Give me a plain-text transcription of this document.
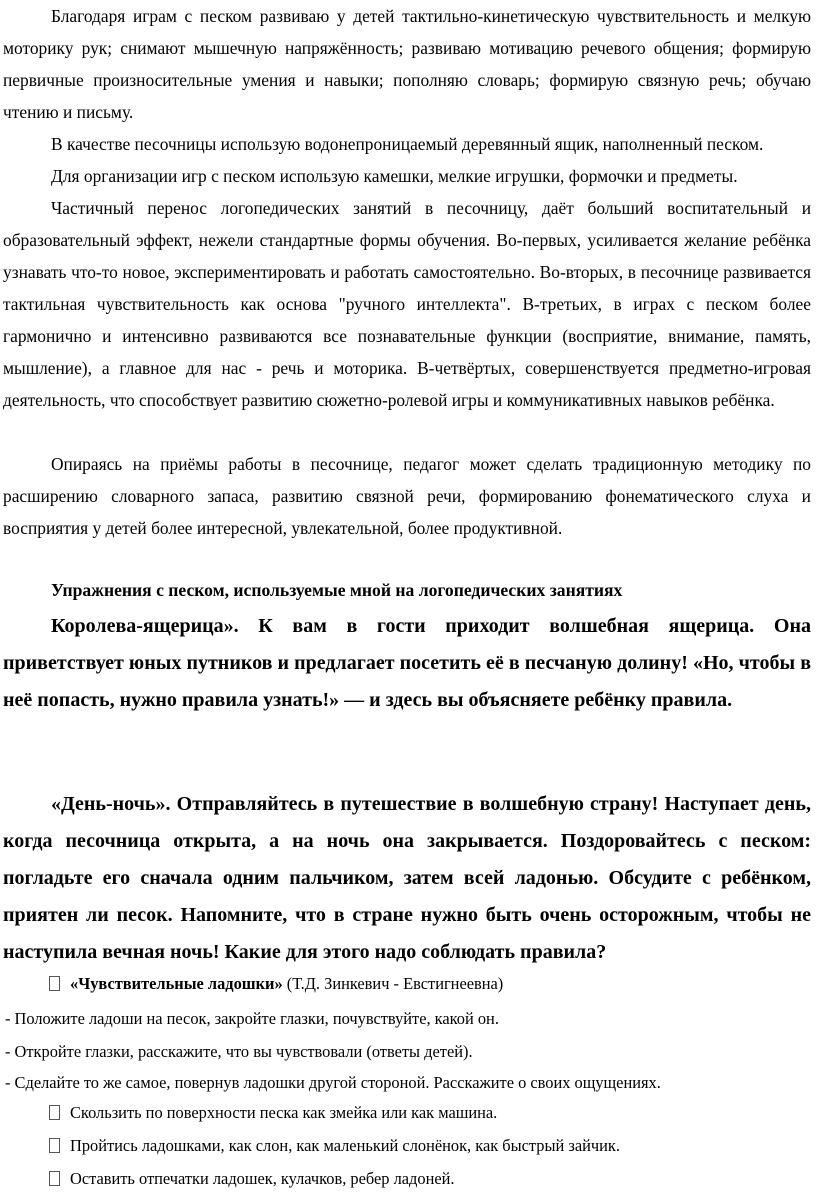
Благодаря играм с песком развиваю у детей тактильно-кинетическую чувствительность и мелкую моторику рук; снимают мышечную напряжённость; развиваю мотивацию речевого общения; формирую первичные произносительные умения и навыки; пополняю словарь; формирую связную речь; обучаю чтению и письму.

В качестве песочницы использую водонепроницаемый деревянный ящик, наполненный песком.

Для организации игр с песком использую камешки, мелкие игрушки, формочки и предметы.

Частичный перенос логопедических занятий в песочницу, даёт больший воспитательный и образовательный эффект, нежели стандартные формы обучения. Во-первых, усиливается желание ребёнка узнавать что-то новое, экспериментировать и работать самостоятельно. Во-вторых, в песочнице развивается тактильная чувствительность как основа "ручного интеллекта". В-третьих, в играх с песком более гармонично и интенсивно развиваются все познавательные функции (восприятие, внимание, память, мышление), а главное для нас - речь и моторика. В-четвёртых, совершенствуется предметно-игровая деятельность, что способствует развитию сюжетно-ролевой игры и коммуникативных навыков ребёнка.

Опираясь на приёмы работы в песочнице, педагог может сделать традиционную методику по расширению словарного запаса, развитию связной речи, формированию фонематического слуха и восприятия у детей более интересной, увлекательной, более продуктивной.

Упражнения с песком, используемые мной на логопедических занятиях

Королева-ящерица». К вам в гости приходит волшебная ящерица. Она приветствует юных путников и предлагает посетить её в песчаную долину! «Но, чтобы в неё попасть, нужно правила узнать!» — и здесь вы объясняете ребёнку правила.

«День-ночь». Отправляйтесь в путешествие в волшебную страну! Наступает день, когда песочница открыта, а на ночь она закрывается. Поздоровайтесь с песком: погладьте его сначала одним пальчиком, затем всей ладонью. Обсудите с ребёнком, приятен ли песок. Напомните, что в стране нужно быть очень осторожным, чтобы не наступила вечная ночь! Какие для этого надо соблюдать правила?

«Чувствительные ладошки» (Т.Д. Зинкевич - Евстигнеевна)

- Положите ладоши на песок, закройте глазки, почувствуйте, какой он.

- Откройте глазки, расскажите, что вы чувствовали (ответы детей).

- Сделайте то же самое, повернув ладошки другой стороной. Расскажите о своих ощущениях.

Скользить по поверхности песка как змейка или как машина.

Пройтись ладошками, как слон, как маленький слонёнок, как быстрый зайчик.

Оставить отпечатки ладошек, кулачков, ребер ладоней.
